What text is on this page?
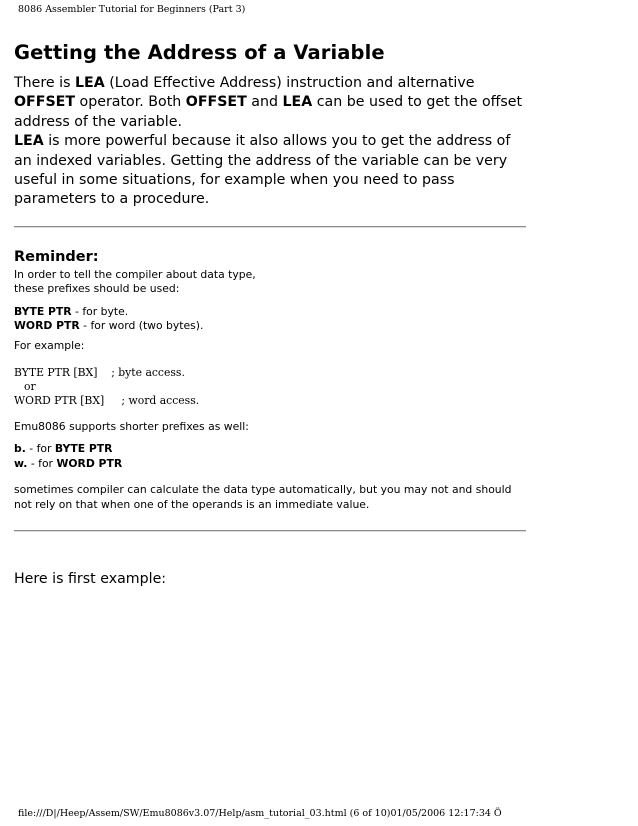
8086 Assembler Tutorial for Beginners (Part 3)
Getting the Address of a Variable

There is LEA (Load Effective Address) instruction and alternative OFFSET operator. Both OFFSET and LEA can be used to get the offset address of the variable.

LEA is more powerful because it also allows you to get the address of an indexed variables. Getting the address of the variable can be very useful in some situations, for example when you need to pass parameters to a procedure.

Reminder:

In order to tell the compiler about data type,

these prefixes should be used:

BYTE PTR - for byte.

WORD PTR - for word (two bytes).

For example:

BYTE PTR [BX] ; byte access.

or

WORD PTR [BX] ; word access.

Emu8086 supports shorter prefixes as well:

b. - for BYTE PTR

w. - for WORD PTR

sometimes compiler can calculate the data type automatically, but you may not and should not rely on that when one of the operands is an immediate value.

Here is first example:
file:///D|/Heep/Assem/SW/Emu8086v3.07/Help/asm_tutorial_03.html (6 of 10)01/05/2006 12:17:34 Ö
